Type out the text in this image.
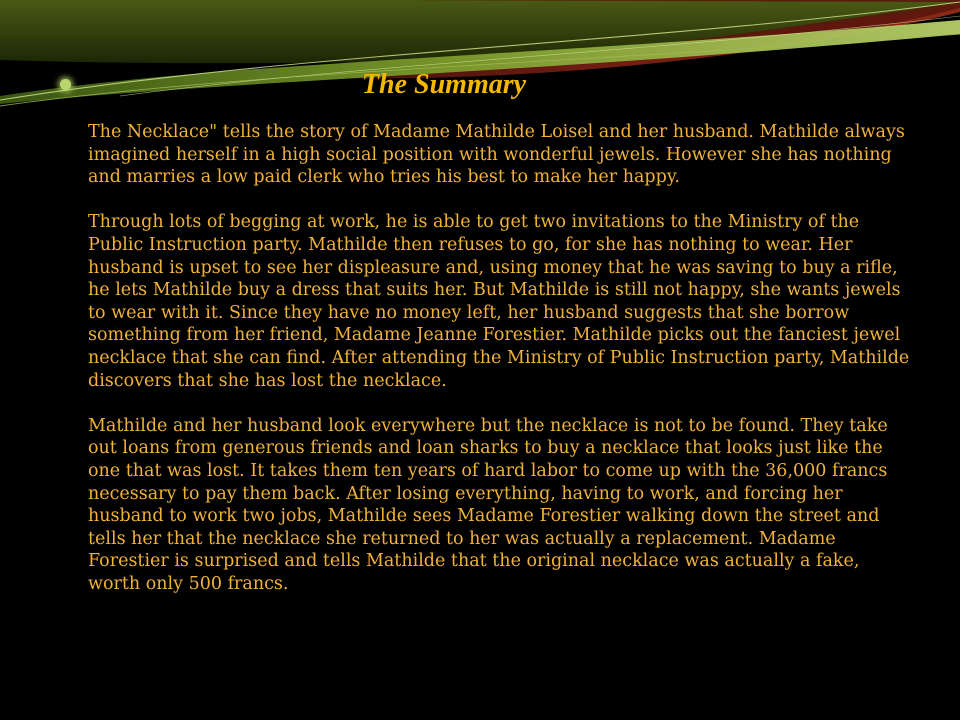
The Summary

The Necklace" tells the story of Madame Mathilde Loisel and her husband. Mathilde always imagined herself in a high social position with wonderful jewels. However she has nothing and marries a low paid clerk who tries his best to make her happy.

Through lots of begging at work, he is able to get two invitations to the Ministry of the Public Instruction party. Mathilde then refuses to go, for she has nothing to wear. Her husband is upset to see her displeasure and, using money that he was saving to buy a rifle, he lets Mathilde buy a dress that suits her. But Mathilde is still not happy, she wants jewels to wear with it. Since they have no money left, her husband suggests that she borrow something from her friend, Madame Jeanne Forestier. Mathilde picks out the fanciest jewel necklace that she can find. After attending the Ministry of Public Instruction party, Mathilde discovers that she has lost the necklace.

Mathilde and her husband look everywhere but the necklace is not to be found. They take out loans from generous friends and loan sharks to buy a necklace that looks just like the one that was lost. It takes them ten years of hard labor to come up with the 36,000 francs necessary to pay them back. After losing everything, having to work, and forcing her husband to work two jobs, Mathilde sees Madame Forestier walking down the street and tells her that the necklace she returned to her was actually a replacement. Madame Forestier is surprised and tells Mathilde that the original necklace was actually a fake, worth only 500 francs.
